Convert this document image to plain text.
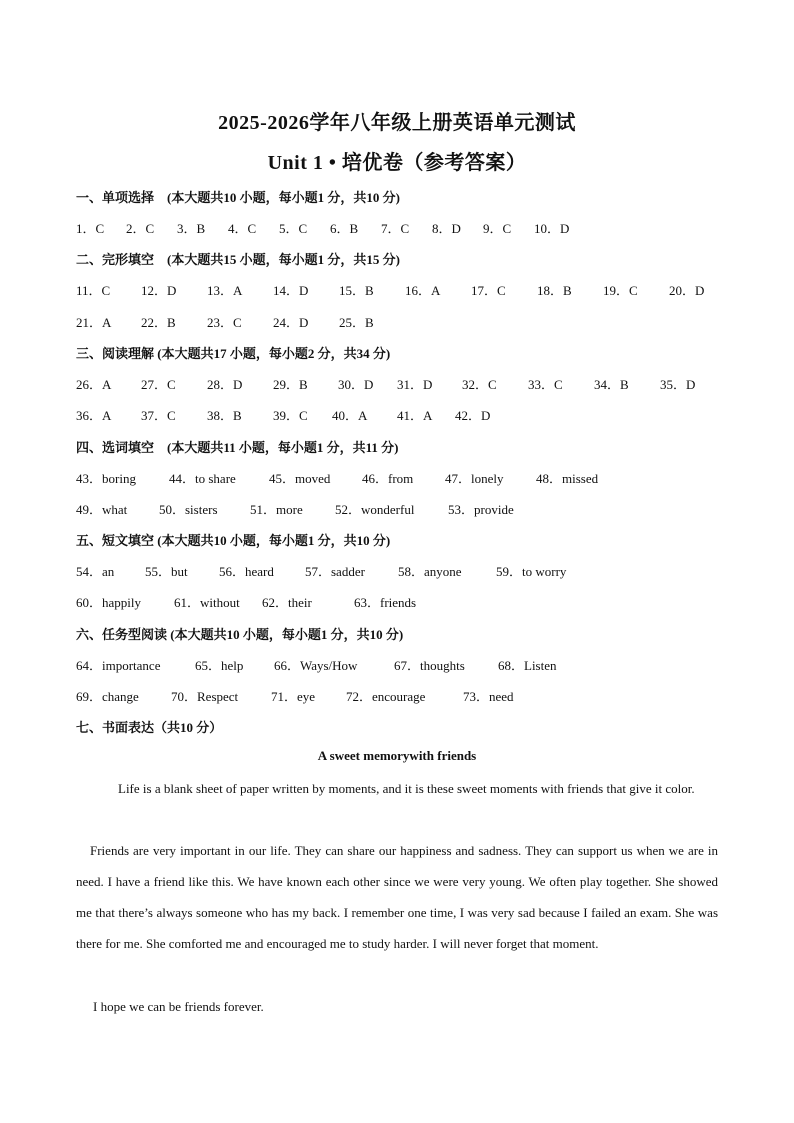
2025-2026学年八年级上册英语单元测试
Unit 1 • 培优卷（参考答案）
一、单项选择　(本大题共10 小题，每小题1 分，共10 分)
1．C 2．C 3．B 4．C 5．C 6．B 7．C 8．D 9．C 10．D
二、完形填空　(本大题共15 小题，每小题1 分，共15 分)
11．C 12．D 13．A 14．D 15．B 16．A 17．C 18．B 19．C 20．D
21．A 22．B 23．C 24．D 25．B
三、阅读理解 (本大题共17 小题，每小题2 分，共34 分)
26．A 27．C 28．D 29．B 30．D 31．D 32．C 33．C 34．B 35．D
36．A 37．C 38．B 39．C 40．A 41．A 42．D
四、选词填空　(本大题共11 小题，每小题1 分，共11 分)
43．boring	44．to share	45．moved 46．from 47．lonely	48．missed
49．what 50．sisters 51．more 52．wonderful	53．provide
五、短文填空 (本大题共10 小题，每小题1 分，共10 分)
54．an 55．but 56．heard 57．sadder	58．anyone	59．to worry
60．happily	61．without 62．their	63．friends
六、任务型阅读 (本大题共10 小题，每小题1 分，共10 分)
64．importance	65．help 66．Ways/How	67．thoughts	68．Listen
69．change 70．Respect	71．eye 72．encourage	73．need
七、书面表达（共10 分）
A sweet memorywith friends
Life is a blank sheet of paper written by moments, and it is these sweet moments with friends that give it color.
Friends are very important in our life. They can share our happiness and sadness. They can support us when we are in need. I have a friend like this. We have known each other since we were very young. We often play together. She showed me that there’s always someone who has my back. I remember one time, I was very sad because I failed an exam. She was there for me. She comforted me and encouraged me to study harder. I will never forget that moment.
I hope we can be friends forever.
